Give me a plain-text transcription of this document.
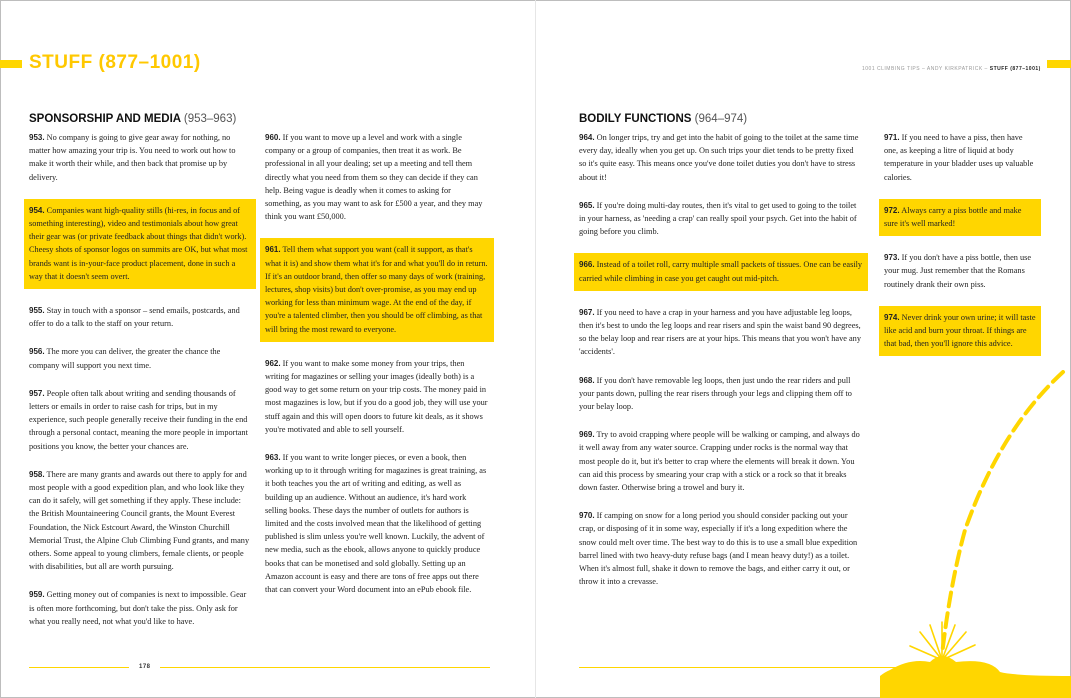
STUFF (877–1001)	1001 CLIMBING TIPS – ANDY KIRKPATRICK – STUFF (877–1001)
SPONSORSHIP AND MEDIA (953–963)	BODILY FUNCTIONS (964–974)

953. No company is going to give gear away for nothing, no matter how amazing your trip is. You need to work out how to make it worth their while, and then back that promise up by delivery.

954. Companies want high-quality stills (hi-res, in focus and of something interesting), video and testimonials about how great their gear was (or private feedback about things that didn't work). Cheesy shots of sponsor logos on summits are OK, but what most brands want is in-your-face product placement, done in such a way that it doesn't seem overt.

955. Stay in touch with a sponsor – send emails, postcards, and offer to do a talk to the staff on your return.

956. The more you can deliver, the greater the chance the company will support you next time.

957. People often talk about writing and sending thousands of letters or emails in order to raise cash for trips, but in my experience, such people generally receive their funding in the end through a personal contact, meaning the more people in important positions you know, the better your chances are.

958. There are many grants and awards out there to apply for and most people with a good expedition plan, and who look like they can do it safely, will get something if they apply. These include: the British Mountaineering Council grants, the Mount Everest Foundation, the Nick Estcourt Award, the Winston Churchill Memorial Trust, the Alpine Club Climbing Fund grants, and many others. Some appeal to young climbers, female clients, or people with disabilities, but all are worth pursuing.

959. Getting money out of companies is next to impossible. Gear is often more forthcoming, but don't take the piss. Only ask for what you really need, not what you'd like to have.

960. If you want to move up a level and work with a single company or a group of companies, then treat it as work. Be professional in all your dealing; set up a meeting and tell them directly what you need from them so they can decide if they can help. Being vague is deadly when it comes to asking for something, as you may want to ask for £500 a year, and they may think you want £50,000.

961. Tell them what support you want (call it support, as that's what it is) and show them what it's for and what you'll do in return. If it's an outdoor brand, then offer so many days of work (training, lectures, shop visits) but don't over-promise, as you may end up working for less than minimum wage. At the end of the day, if you're a talented climber, then you should be off climbing, as that will bring the most reward to everyone.

962. If you want to make some money from your trips, then writing for magazines or selling your images (ideally both) is a good way to get some return on your trip costs. The money paid in most magazines is low, but if you do a good job, they will use your stuff again and this will open doors to future kit deals, as it shows you're motivated and able to sell yourself.

963. If you want to write longer pieces, or even a book, then working up to it through writing for magazines is great training, as it both teaches you the art of writing and editing, as well as building up an audience. Without an audience, it's hard work selling books. These days the number of outlets for authors is limited and the costs involved mean that the likelihood of getting published is slim unless you're well known. Luckily, the advent of new media, such as the ebook, allows anyone to quickly produce books that can be monetised and sold globally. Setting up an Amazon account is easy and there are tons of free apps out there that can convert your Word document into an ePub ebook file.

964. On longer trips, try and get into the habit of going to the toilet at the same time every day, ideally when you get up. On such trips your diet tends to be pretty fixed so it's quite easy. This means once you've done toilet duties you don't have to stress about it!

965. If you're doing multi-day routes, then it's vital to get used to going to the toilet in your harness, as 'needing a crap' can really spoil your psych. Get into the habit of going before you climb.

966. Instead of a toilet roll, carry multiple small packets of tissues. One can be easily carried while climbing in case you get caught out mid-pitch.

967. If you need to have a crap in your harness and you have adjustable leg loops, then it's best to undo the leg loops and rear risers and spin the waist band 90 degrees, so the belay loop and rear risers are at your hips. This means that you won't have any 'accidents'.

968. If you don't have removable leg loops, then just undo the rear riders and pull your pants down, pulling the rear risers through your legs and clipping them off to your belay loop.

969. Try to avoid crapping where people will be walking or camping, and always do it well away from any water source. Crapping under rocks is the normal way that most people do it, but it's better to crap where the elements will break it down. You can aid this process by smearing your crap with a stick or a rock so that it breaks down faster. Otherwise bring a trowel and bury it.

970. If camping on snow for a long period you should consider packing out your crap, or disposing of it in some way, especially if it's a long expedition where the snow could melt over time. The best way to do this is to use a small blue expedition barrel lined with two heavy-duty refuse bags (and I mean heavy duty!) as a toilet. When it's almost full, shake it down to remove the bags, and either carry it out, or throw it into a crevasse.

971. If you need to have a piss, then have one, as keeping a litre of liquid at body temperature in your bladder uses up valuable calories.

972. Always carry a piss bottle and make sure it's well marked!

973. If you don't have a piss bottle, then use your mug. Just remember that the Romans routinely drank their own piss.

974. Never drink your own urine; it will taste like acid and burn your throat. If things are that bad, then you'll ignore this advice.

178
